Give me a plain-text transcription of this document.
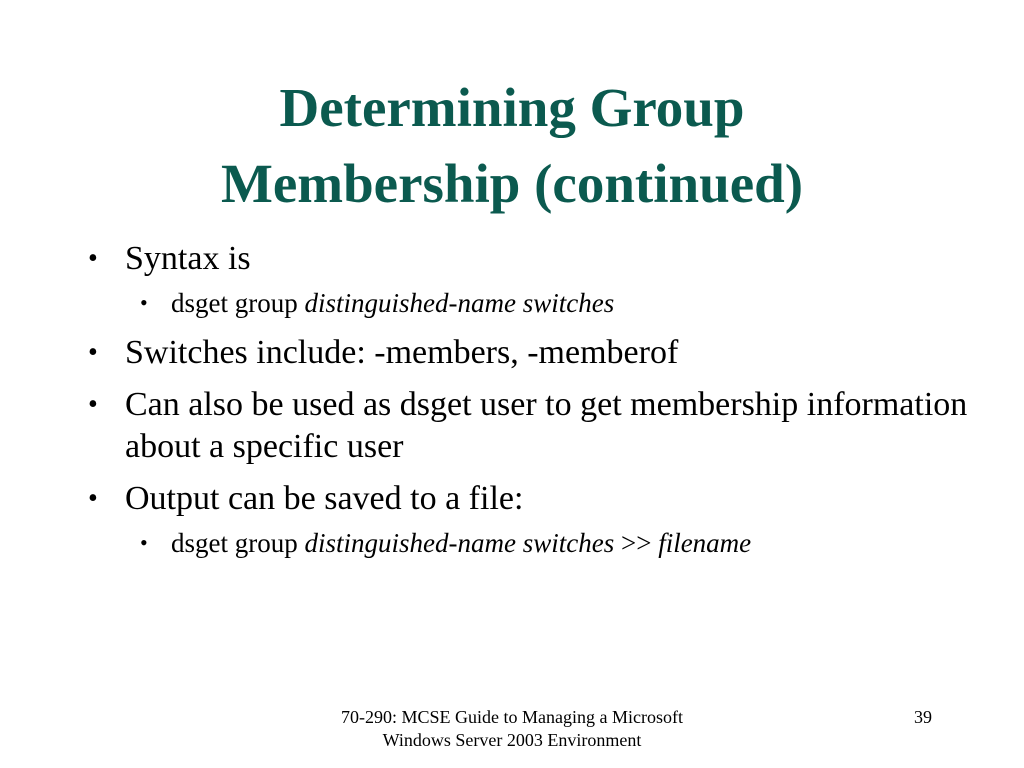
Determining Group
Membership (continued)
• Syntax is
• dsget group distinguished-name switches
• Switches include: -members, -memberof
• Can also be used as dsget user to get membership information about a specific user
• Output can be saved to a file:
• dsget group distinguished-name switches >> filename
70-290: MCSE Guide to Managing a Microsoft
Windows Server 2003 Environment
39
